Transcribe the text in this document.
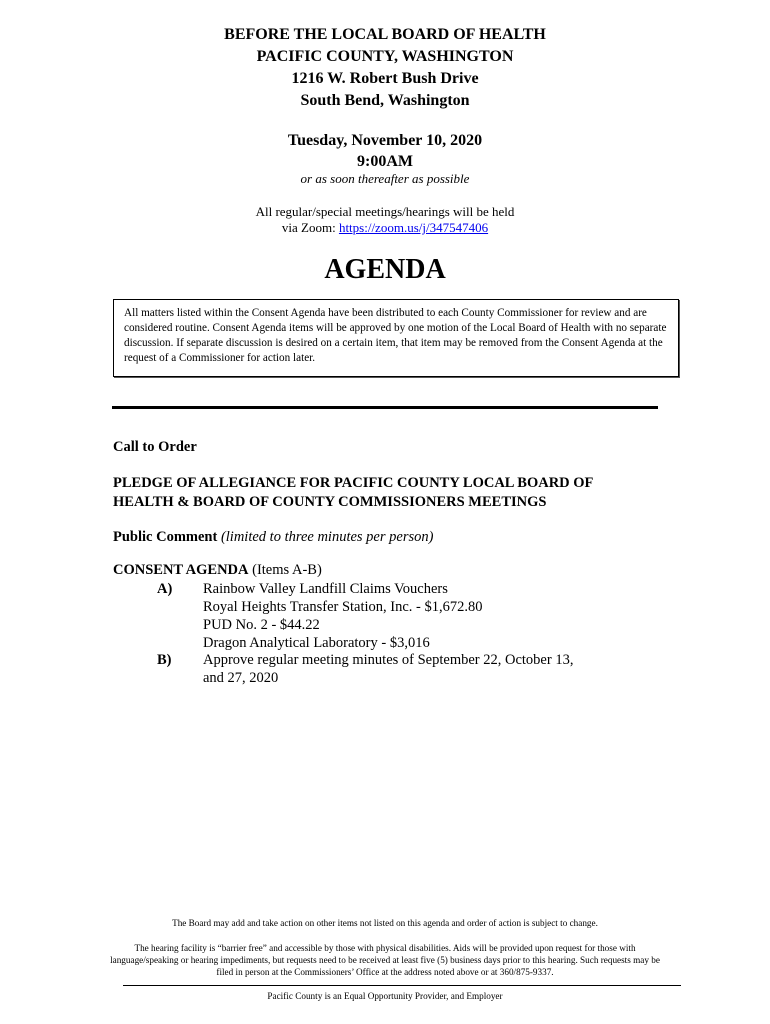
BEFORE THE LOCAL BOARD OF HEALTH
PACIFIC COUNTY, WASHINGTON
1216 W. Robert Bush Drive
South Bend, Washington
Tuesday, November 10, 2020
9:00AM
or as soon thereafter as possible
All regular/special meetings/hearings will be held
via Zoom: https://zoom.us/j/347547406
AGENDA
All matters listed within the Consent Agenda have been distributed to each County Commissioner for review and are considered routine. Consent Agenda items will be approved by one motion of the Local Board of Health with no separate discussion. If separate discussion is desired on a certain item, that item may be removed from the Consent Agenda at the request of a Commissioner for action later.
Call to Order
PLEDGE OF ALLEGIANCE FOR PACIFIC COUNTY LOCAL BOARD OF
HEALTH & BOARD OF COUNTY COMMISSIONERS MEETINGS
Public Comment (limited to three minutes per person)
CONSENT AGENDA (Items A-B)
A) Rainbow Valley Landfill Claims Vouchers
Royal Heights Transfer Station, Inc. - $1,672.80
PUD No. 2 - $44.22
Dragon Analytical Laboratory - $3,016
B) Approve regular meeting minutes of September 22, October 13,
and 27, 2020
The Board may add and take action on other items not listed on this agenda and order of action is subject to change.
The hearing facility is “barrier free” and accessible by those with physical disabilities. Aids will be provided upon request for those with language/speaking or hearing impediments, but requests need to be received at least five (5) business days prior to this hearing. Such requests may be filed in person at the Commissioners’ Office at the address noted above or at 360/875-9337.
Pacific County is an Equal Opportunity Provider, and Employer
